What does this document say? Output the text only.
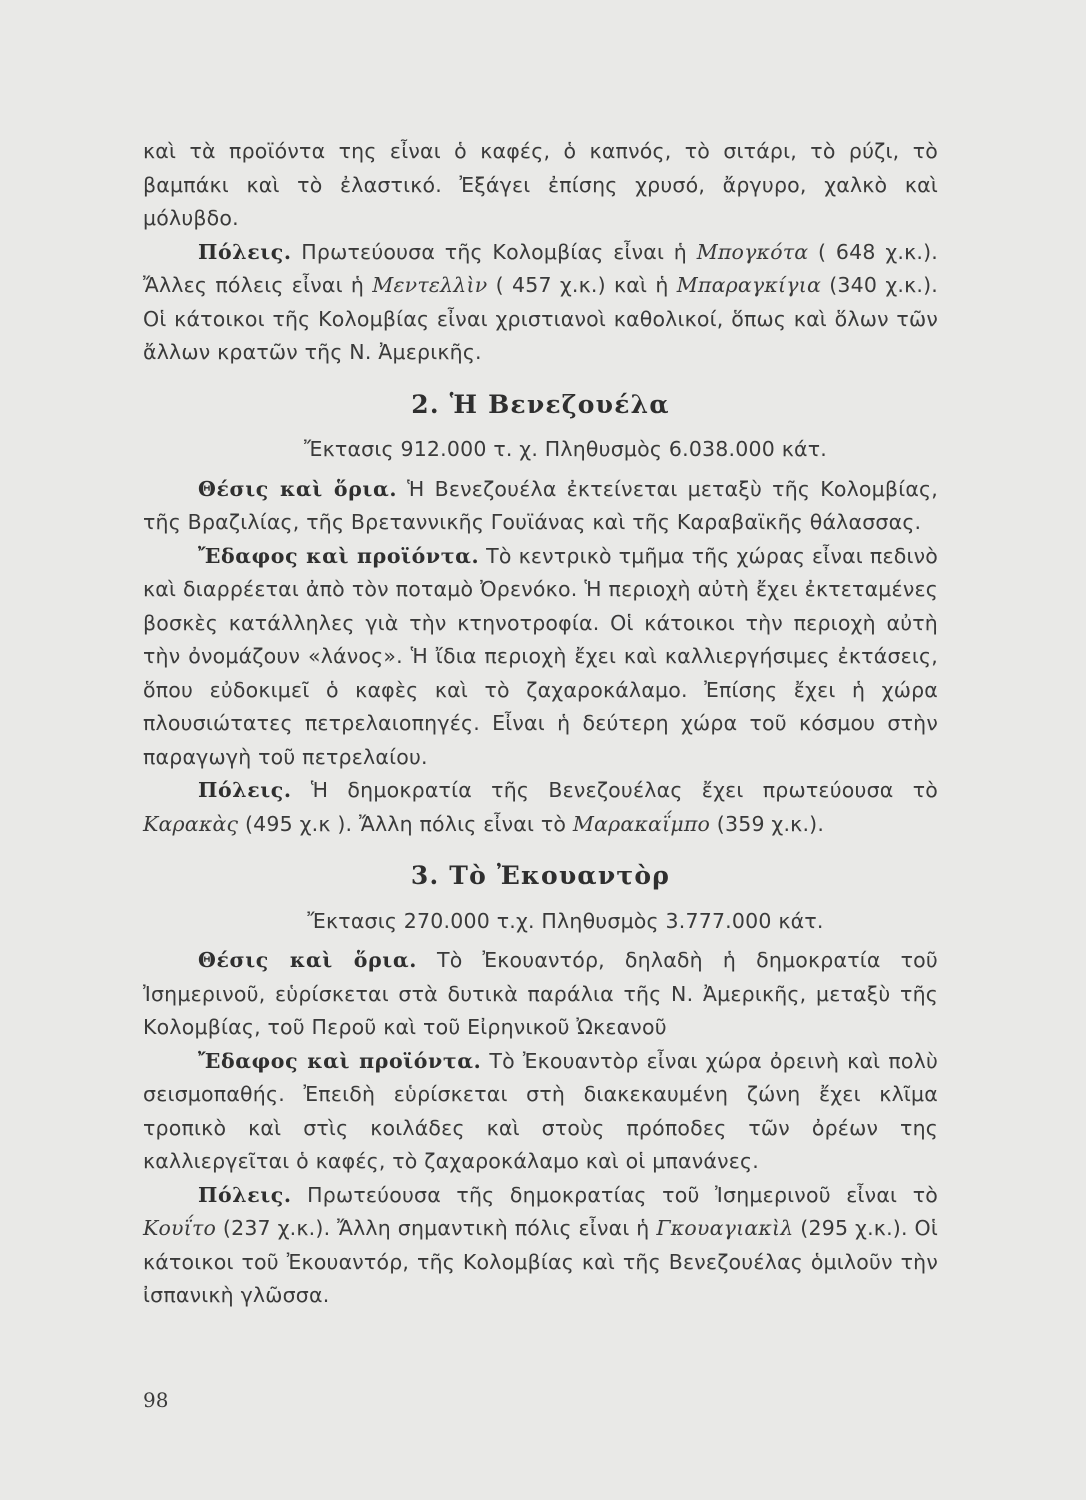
καὶ τὰ προϊόντα της εἶναι ὁ καφές, ὁ καπνός, τὸ σιτάρι, τὸ ρύζι, τὸ βαμπάκι καὶ τὸ ἐλαστικό. Ἐξάγει ἐπίσης χρυσό, ἄργυρο, χαλκὸ καὶ μόλυβδο.

Πόλεις. Πρωτεύουσα τῆς Κολομβίας εἶναι ἡ Μπογκότα ( 648 χ.κ.). Ἄλλες πόλεις εἶναι ἡ Μεντελλὶν ( 457 χ.κ.) καὶ ἡ Μπαραγκίγια (340 χ.κ.). Οἱ κάτοικοι τῆς Κολομβίας εἶναι χριστιανοὶ καθολικοί, ὅπως καὶ ὅλων τῶν ἄλλων κρατῶν τῆς Ν. Ἀμερικῆς.

2. Ἡ Βενεζουέλα

Ἔκτασις 912.000 τ. χ. Πληθυσμὸς 6.038.000 κάτ.

Θέσις καὶ ὅρια. Ἡ Βενεζουέλα ἐκτείνεται μεταξὺ τῆς Κολομβίας, τῆς Βραζιλίας, τῆς Βρεταννικῆς Γουϊάνας καὶ τῆς Καραβαϊκῆς θάλασσας.

Ἔδαφος καὶ προϊόντα. Τὸ κεντρικὸ τμῆμα τῆς χώρας εἶναι πεδινὸ καὶ διαρρέεται ἀπὸ τὸν ποταμὸ Ὀρενόκο. Ἡ περιοχὴ αὐτὴ ἔχει ἐκτεταμένες βοσκὲς κατάλληλες γιὰ τὴν κτηνοτροφία. Οἱ κάτοικοι τὴν περιοχὴ αὐτὴ τὴν ὀνομάζουν «λάνος». Ἡ ἴδια περιοχὴ ἔχει καὶ καλλιεργήσιμες ἐκτάσεις, ὅπου εὐδοκιμεῖ ὁ καφὲς καὶ τὸ ζαχαροκάλαμο. Ἐπίσης ἔχει ἡ χώρα πλουσιώτατες πετρελαιοπηγές. Εἶναι ἡ δεύτερη χώρα τοῦ κόσμου στὴν παραγωγὴ τοῦ πετρελαίου.

Πόλεις. Ἡ δημοκρατία τῆς Βενεζουέλας ἔχει πρωτεύουσα τὸ Καρακὰς (495 χ.κ ). Ἄλλη πόλις εἶναι τὸ Μαρακαΐμπο (359 χ.κ.).

3. Τὸ Ἐκουαντὸρ

Ἔκτασις 270.000 τ.χ. Πληθυσμὸς 3.777.000 κάτ.

Θέσις καὶ ὅρια. Τὸ Ἐκουαντόρ, δηλαδὴ ἡ δημοκρατία τοῦ Ἰσημερινοῦ, εὑρίσκεται στὰ δυτικὰ παράλια τῆς Ν. Ἀμερικῆς, μεταξὺ τῆς Κολομβίας, τοῦ Περοῦ καὶ τοῦ Εἰρηνικοῦ Ὠκεανοῦ

Ἔδαφος καὶ προϊόντα. Τὸ Ἐκουαντὸρ εἶναι χώρα ὀρεινὴ καὶ πολὺ σεισμοπαθής. Ἐπειδὴ εὑρίσκεται στὴ διακεκαυμένη ζώνη ἔχει κλῖμα τροπικὸ καὶ στὶς κοιλάδες καὶ στοὺς πρόποδες τῶν ὀρέων της καλλιεργεῖται ὁ καφές, τὸ ζαχαροκάλαμο καὶ οἱ μπανάνες.

Πόλεις. Πρωτεύουσα τῆς δημοκρατίας τοῦ Ἰσημερινοῦ εἶναι τὸ Κουΐτο (237 χ.κ.). Ἄλλη σημαντικὴ πόλις εἶναι ἡ Γκουαγιακὶλ (295 χ.κ.). Οἱ κάτοικοι τοῦ Ἐκουαντόρ, τῆς Κολομβίας καὶ τῆς Βενεζουέλας ὁμιλοῦν τὴν ἰσπανικὴ γλῶσσα.

98
